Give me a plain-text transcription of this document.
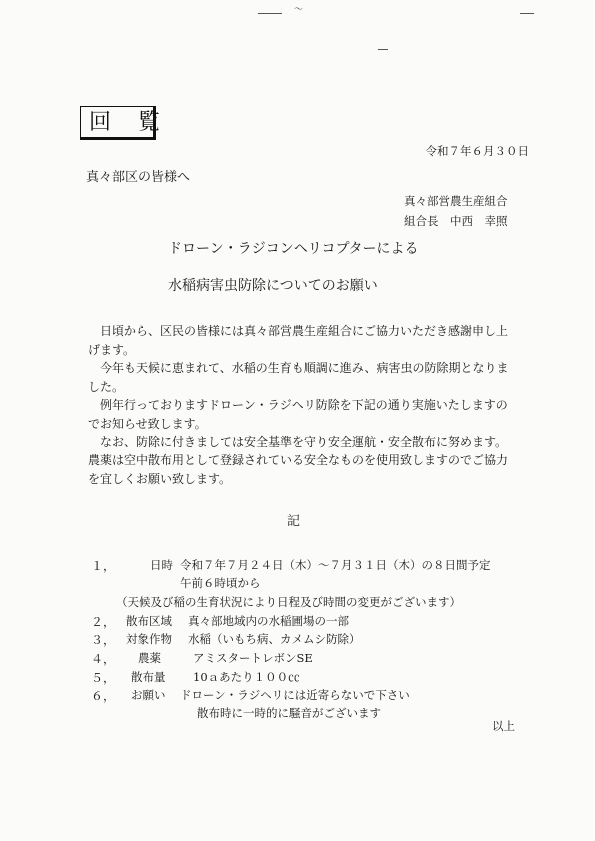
〜
回 覧
令和７年６月３０日
真々部区の皆様へ
真々部営農生産組合
組合長　中西　幸照
ドローン・ラジコンヘリコプターによる
水稲病害虫防除についてのお願い
日頃から、区民の皆様には真々部営農生産組合にご協力いただき感謝申し上げます。
今年も天候に恵まれて、水稲の生育も順調に進み、病害虫の防除期となりました。
例年行っておりますドローン・ラジヘリ防除を下記の通り実施いたしますのでお知らせ致します。
なお、防除に付きましては安全基準を守り安全運航・安全散布に努めます。
農薬は空中散布用として登録されている安全なものを使用致しますのでご協力を宜しくお願い致します。
記
１，	日時 令和７年７月２４日（木）〜７月３１日（木）の８日間予定
午前６時頃から
（天候及び稲の生育状況により日程及び時間の変更がございます）
２， 散布区域 真々部地域内の水稲圃場の一部
３， 対象作物 水稲（いもち病、カメムシ防除）
４， 農薬	アミスタートレボンSE
５， 散布量 10ａあたり１００㏄
６， お願い ドローン・ラジヘリには近寄らないで下さい
散布時に一時的に騒音がございます
以上
